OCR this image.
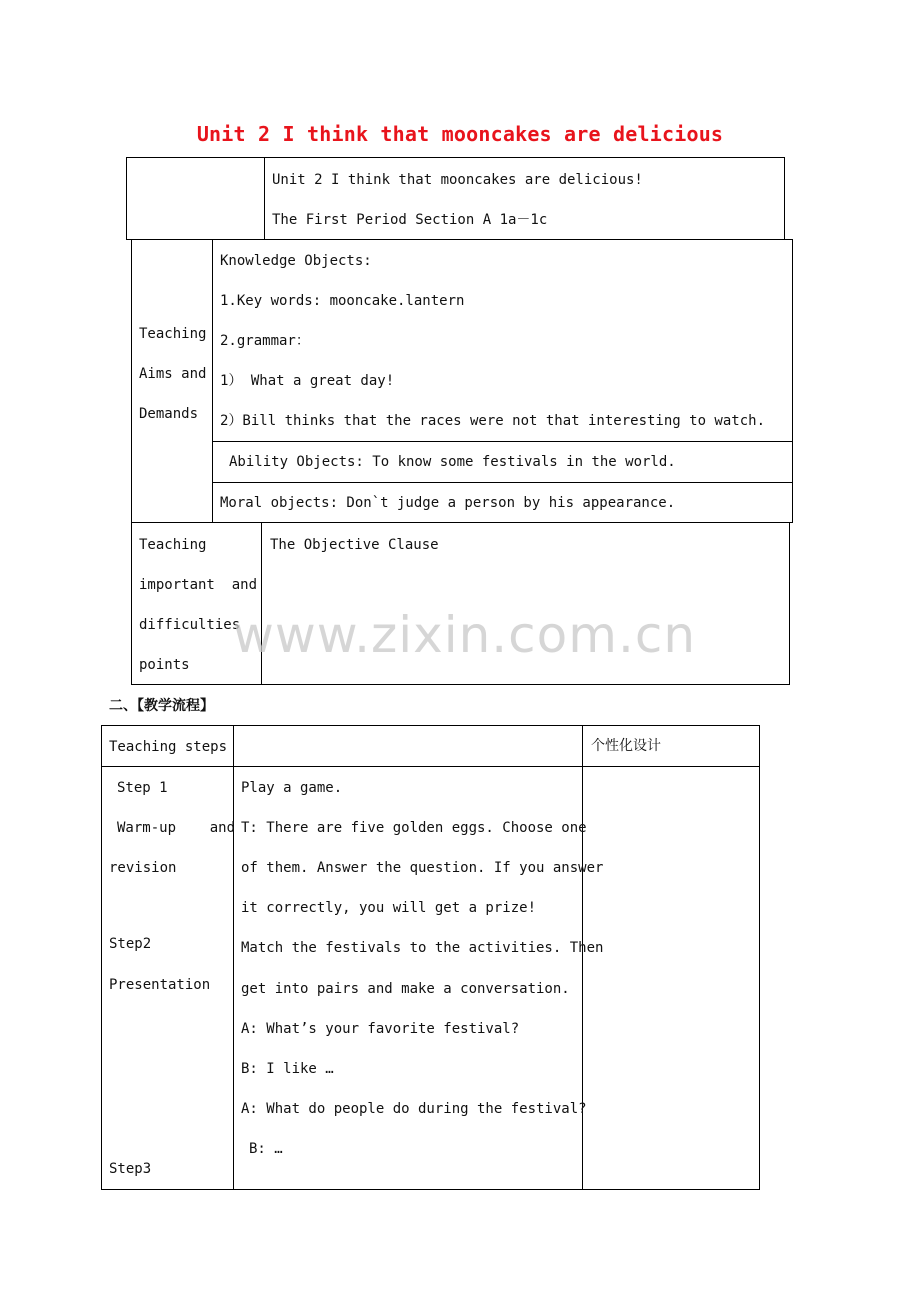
Unit 2 I think that mooncakes are delicious
Unit 2 I think that mooncakes are delicious!
The First Period Section A 1a－1c
Teaching
Aims and
Demands
Knowledge Objects:
1.Key words: mooncake.lantern
2.grammar：
1） What a great day!
2）Bill thinks that the races were not that interesting to watch.
Ability Objects: To know some festivals in the world.
Moral objects: Don`t judge a person by his appearance.
Teaching
important  and
difficulties
points
The Objective Clause
www.zixin.com.cn
二、【教学流程】
Teaching steps	个性化设计
Step 1
Warm-up    and
revision
Step2
Presentation
Step3
Play a game.
T: There are five golden eggs. Choose one
of them. Answer the question. If you answer
it correctly, you will get a prize!
Match the festivals to the activities. Then
get into pairs and make a conversation.
A: What’s your favorite festival?
B: I like …
A: What do people do during the festival?
B: …
